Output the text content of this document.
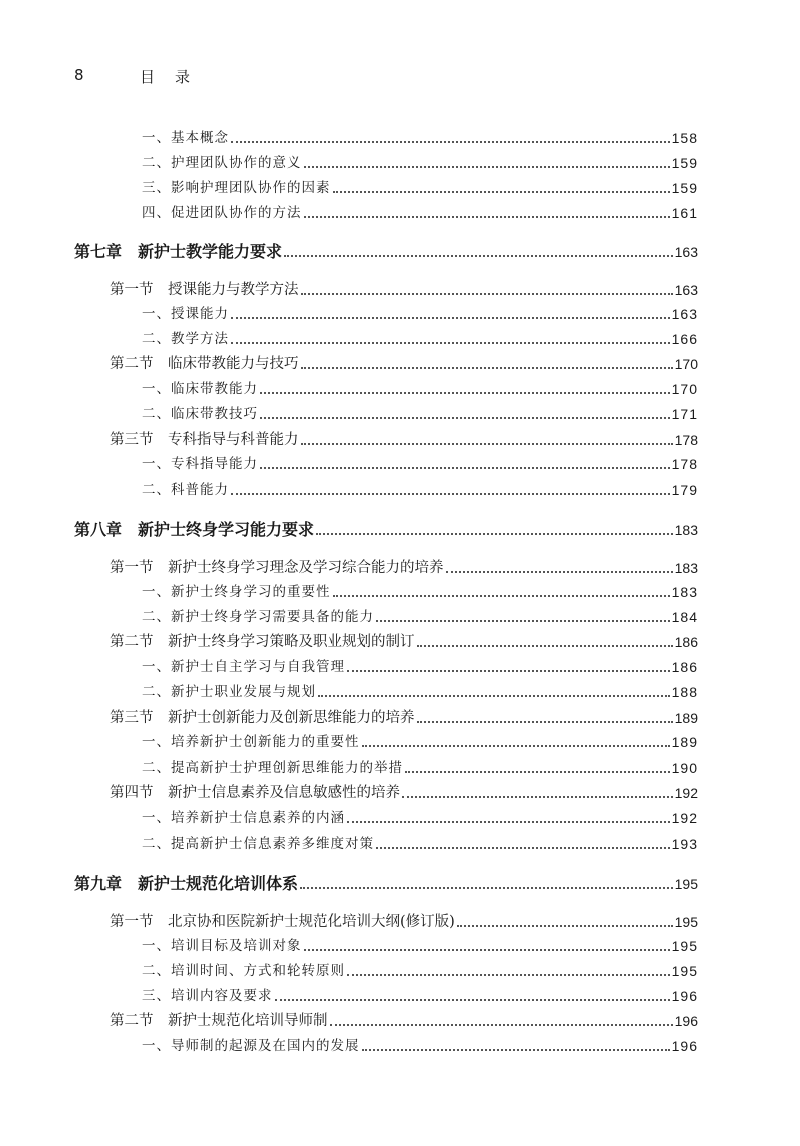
8	目录
一、基本概念	158
二、护理团队协作的意义	159
三、影响护理团队协作的因素	159
四、促进团队协作的方法	161
第七章　新护士教学能力要求	163
第一节　授课能力与教学方法	163
一、授课能力	163
二、教学方法	166
第二节　临床带教能力与技巧	170
一、临床带教能力	170
二、临床带教技巧	171
第三节　专科指导与科普能力	178
一、专科指导能力	178
二、科普能力	179
第八章　新护士终身学习能力要求	183
第一节　新护士终身学习理念及学习综合能力的培养	183
一、新护士终身学习的重要性	183
二、新护士终身学习需要具备的能力	184
第二节　新护士终身学习策略及职业规划的制订	186
一、新护士自主学习与自我管理	186
二、新护士职业发展与规划	188
第三节　新护士创新能力及创新思维能力的培养	189
一、培养新护士创新能力的重要性	189
二、提高新护士护理创新思维能力的举措	190
第四节　新护士信息素养及信息敏感性的培养	192
一、培养新护士信息素养的内涵	192
二、提高新护士信息素养多维度对策	193
第九章　新护士规范化培训体系	195
第一节　北京协和医院新护士规范化培训大纲(修订版)	195
一、培训目标及培训对象	195
二、培训时间、方式和轮转原则	195
三、培训内容及要求	196
第二节　新护士规范化培训导师制	196
一、导师制的起源及在国内的发展	196
